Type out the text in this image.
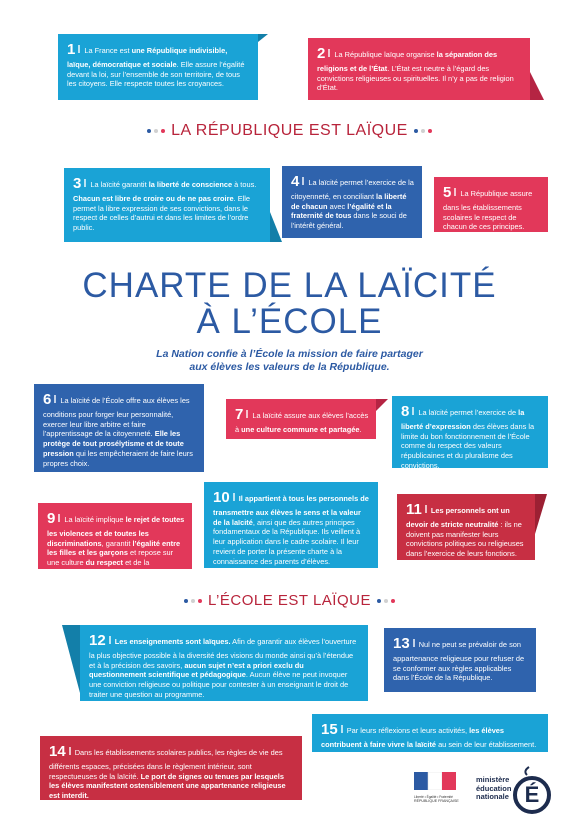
1 La France est une République indivisible, laïque, démocratique et sociale. Elle assure l’égalité devant la loi, sur l’ensemble de son territoire, de tous les citoyens. Elle respecte toutes les croyances.
2 La République laïque organise la séparation des religions et de l’État. L’État est neutre à l’égard des convictions religieuses ou spirituelles. Il n’y a pas de religion d’État.
LA RÉPUBLIQUE EST LAÏQUE
3 La laïcité garantit la liberté de conscience à tous. Chacun est libre de croire ou de ne pas croire. Elle permet la libre expression de ses convictions, dans le respect de celles d’autrui et dans les limites de l’ordre public.
4 La laïcité permet l’exercice de la citoyenneté, en conciliant la liberté de chacun avec l’égalité et la fraternité de tous dans le souci de l’intérêt général.
5 La République assure dans les établissements scolaires le respect de chacun de ces principes.
CHARTE DE LA LAÏCITÉ
À L’ÉCOLE
La Nation confie à l’École la mission de faire partager
aux élèves les valeurs de la République.
6 La laïcité de l’École offre aux élèves les conditions pour forger leur personnalité, exercer leur libre arbitre et faire l’apprentissage de la citoyenneté. Elle les protège de tout prosélytisme et de toute pression qui les empêcheraient de faire leurs propres choix.
7 La laïcité assure aux élèves l’accès à une culture commune et partagée.
8 La laïcité permet l’exercice de la liberté d’expression des élèves dans la limite du bon fonctionnement de l’École comme du respect des valeurs républicaines et du pluralisme des convictions.
9 La laïcité implique le rejet de toutes les violences et de toutes les discriminations, garantit l’égalité entre les filles et les garçons et repose sur une culture du respect et de la compréhension de l’autre.
10 Il appartient à tous les personnels de transmettre aux élèves le sens et la valeur de la laïcité, ainsi que des autres principes fondamentaux de la République. Ils veillent à leur application dans le cadre scolaire. Il leur revient de porter la présente charte à la connaissance des parents d’élèves.
11 Les personnels ont un devoir de stricte neutralité : ils ne doivent pas manifester leurs convictions politiques ou religieuses dans l’exercice de leurs fonctions.
L’ÉCOLE EST LAÏQUE
12 Les enseignements sont laïques. Afin de garantir aux élèves l’ouverture la plus objective possible à la diversité des visions du monde ainsi qu’à l’étendue et à la précision des savoirs, aucun sujet n’est a priori exclu du questionnement scientifique et pédagogique. Aucun élève ne peut invoquer une conviction religieuse ou politique pour contester à un enseignant le droit de traiter une question au programme.
13 Nul ne peut se prévaloir de son appartenance religieuse pour refuser de se conformer aux règles applicables dans l’École de la République.
15 Par leurs réflexions et leurs activités, les élèves contribuent à faire vivre la laïcité au sein de leur établissement.
14 Dans les établissements scolaires publics, les règles de vie des différents espaces, précisées dans le règlement intérieur, sont respectueuses de la laïcité. Le port de signes ou tenues par lesquels les élèves manifestent ostensiblement une appartenance religieuse est interdit.	Liberté • Égalité • Fraternité
RÉPUBLIQUE FRANÇAISE
ministère
éducation
nationale É
